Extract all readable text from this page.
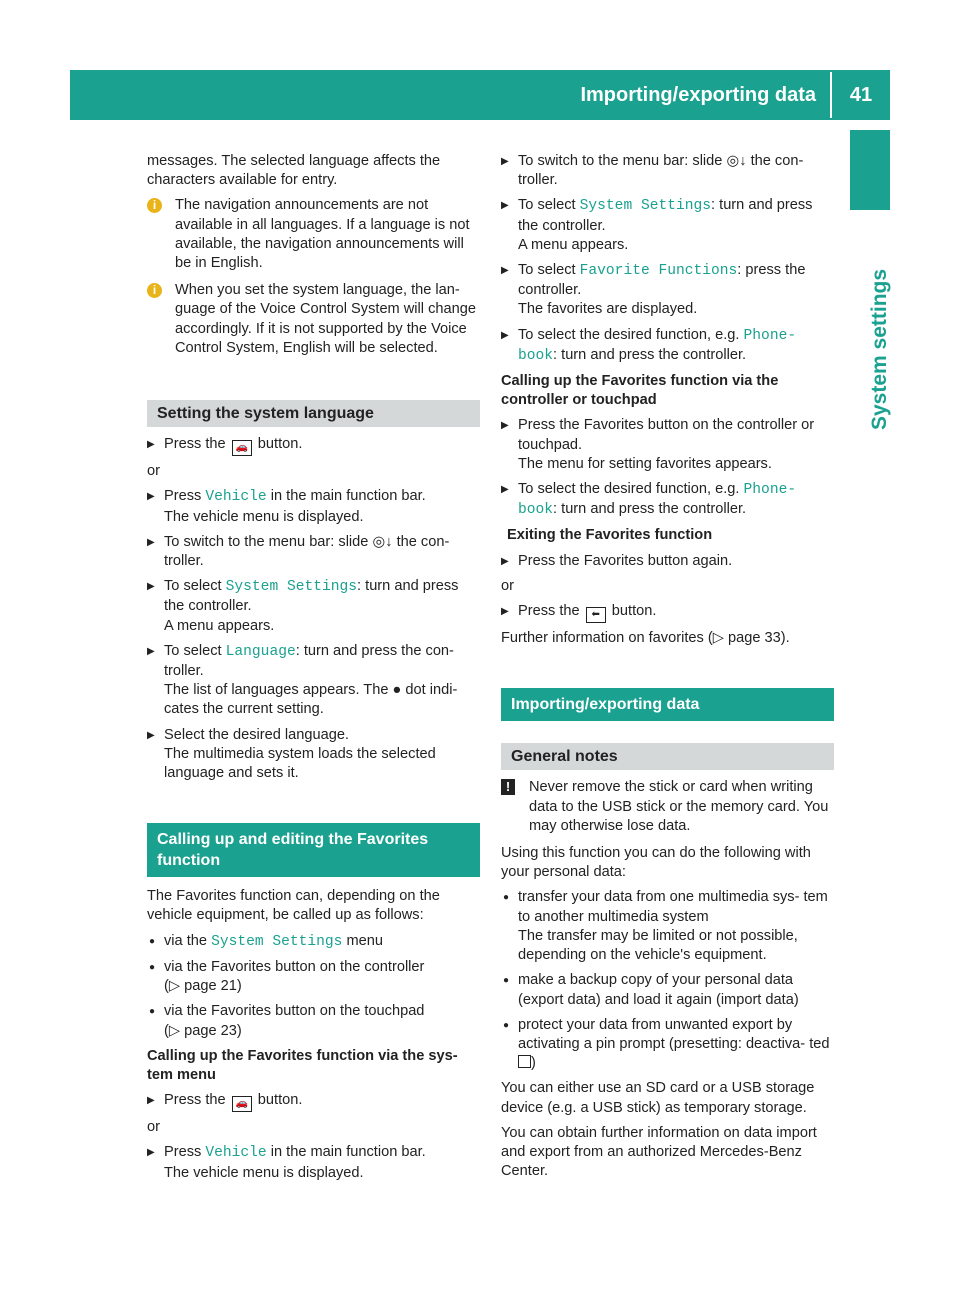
Importing/exporting data	41
System settings

messages. The selected language affects the characters available for entry.

i	The navigation announcements are not available in all languages. If a language is not available, the navigation announcements will be in English.
i	When you set the system language, the lan- guage of the Voice Control System will change accordingly. If it is not supported by the Voice Control System, English will be selected.
Setting the system language
▶ Press the 🚗 button.

or

▶ Press Vehicle in the main function bar.
The vehicle menu is displayed.
▶ To switch to the menu bar: slide ◎↓ the con- troller.
▶ To select System Settings: turn and press the controller.
A menu appears.
▶ To select Language: turn and press the con- troller.
The list of languages appears. The ● dot indi- cates the current setting.
▶ Select the desired language.
The multimedia system loads the selected language and sets it.
Calling up and editing the Favorites function

The Favorites function can, depending on the vehicle equipment, be called up as follows:

● via the System Settings menu
● via the Favorites button on the controller
(▷ page 21)
● via the Favorites button on the touchpad
(▷ page 23)
Calling up the Favorites function via the sys- tem menu
▶ Press the 🚗 button.

or

▶ Press Vehicle in the main function bar.
The vehicle menu is displayed.
▶ To switch to the menu bar: slide ◎↓ the con- troller.
▶ To select System Settings: turn and press the controller.
A menu appears.
▶ To select Favorite Functions: press the controller.
The favorites are displayed.
▶ To select the desired function, e.g. Phone‐ book: turn and press the controller.
Calling up the Favorites function via the controller or touchpad
▶ Press the Favorites button on the controller or touchpad.
The menu for setting favorites appears.
▶ To select the desired function, e.g. Phone‐ book: turn and press the controller.
Exiting the Favorites function
▶ Press the Favorites button again.

or

▶ Press the ⬅ button.

Further information on favorites (▷ page 33).

Importing/exporting data
General notes
!	Never remove the stick or card when writing data to the USB stick or the memory card. You may otherwise lose data.

Using this function you can do the following with your personal data:

● transfer your data from one multimedia sys- tem to another multimedia system
The transfer may be limited or not possible, depending on the vehicle's equipment.
● make a backup copy of your personal data (export data) and load it again (import data)
● protect your data from unwanted export by activating a pin prompt (presetting: deactiva- ted )

You can either use an SD card or a USB storage device (e.g. a USB stick) as temporary storage.

You can obtain further information on data import and export from an authorized Mercedes-Benz Center.
